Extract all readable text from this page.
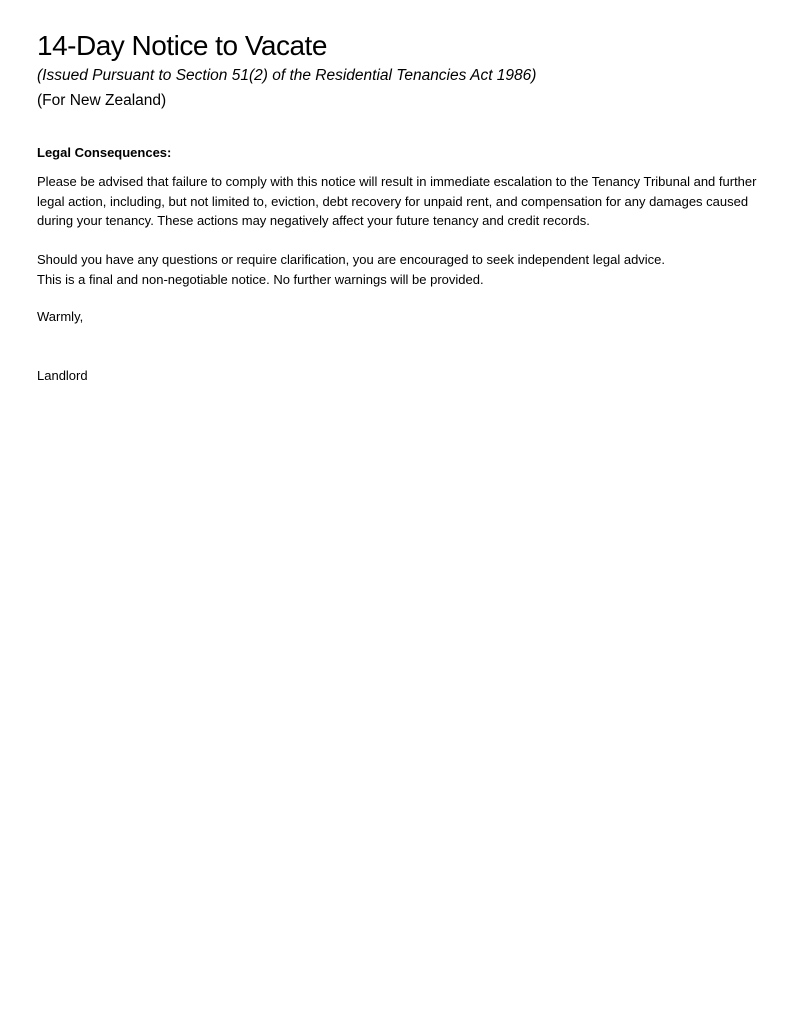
14-Day Notice to Vacate
(Issued Pursuant to Section 51(2) of the Residential Tenancies Act 1986)
(For New Zealand)
Legal Consequences:
Please be advised that failure to comply with this notice will result in immediate escalation to the Tenancy Tribunal and further
legal action, including, but not limited to, eviction, debt recovery for unpaid rent, and compensation for any damages caused
during your tenancy. These actions may negatively affect your future tenancy and credit records.
Should you have any questions or require clarification, you are encouraged to seek independent legal advice.
This is a final and non-negotiable notice. No further warnings will be provided.
Warmly,
Landlord
